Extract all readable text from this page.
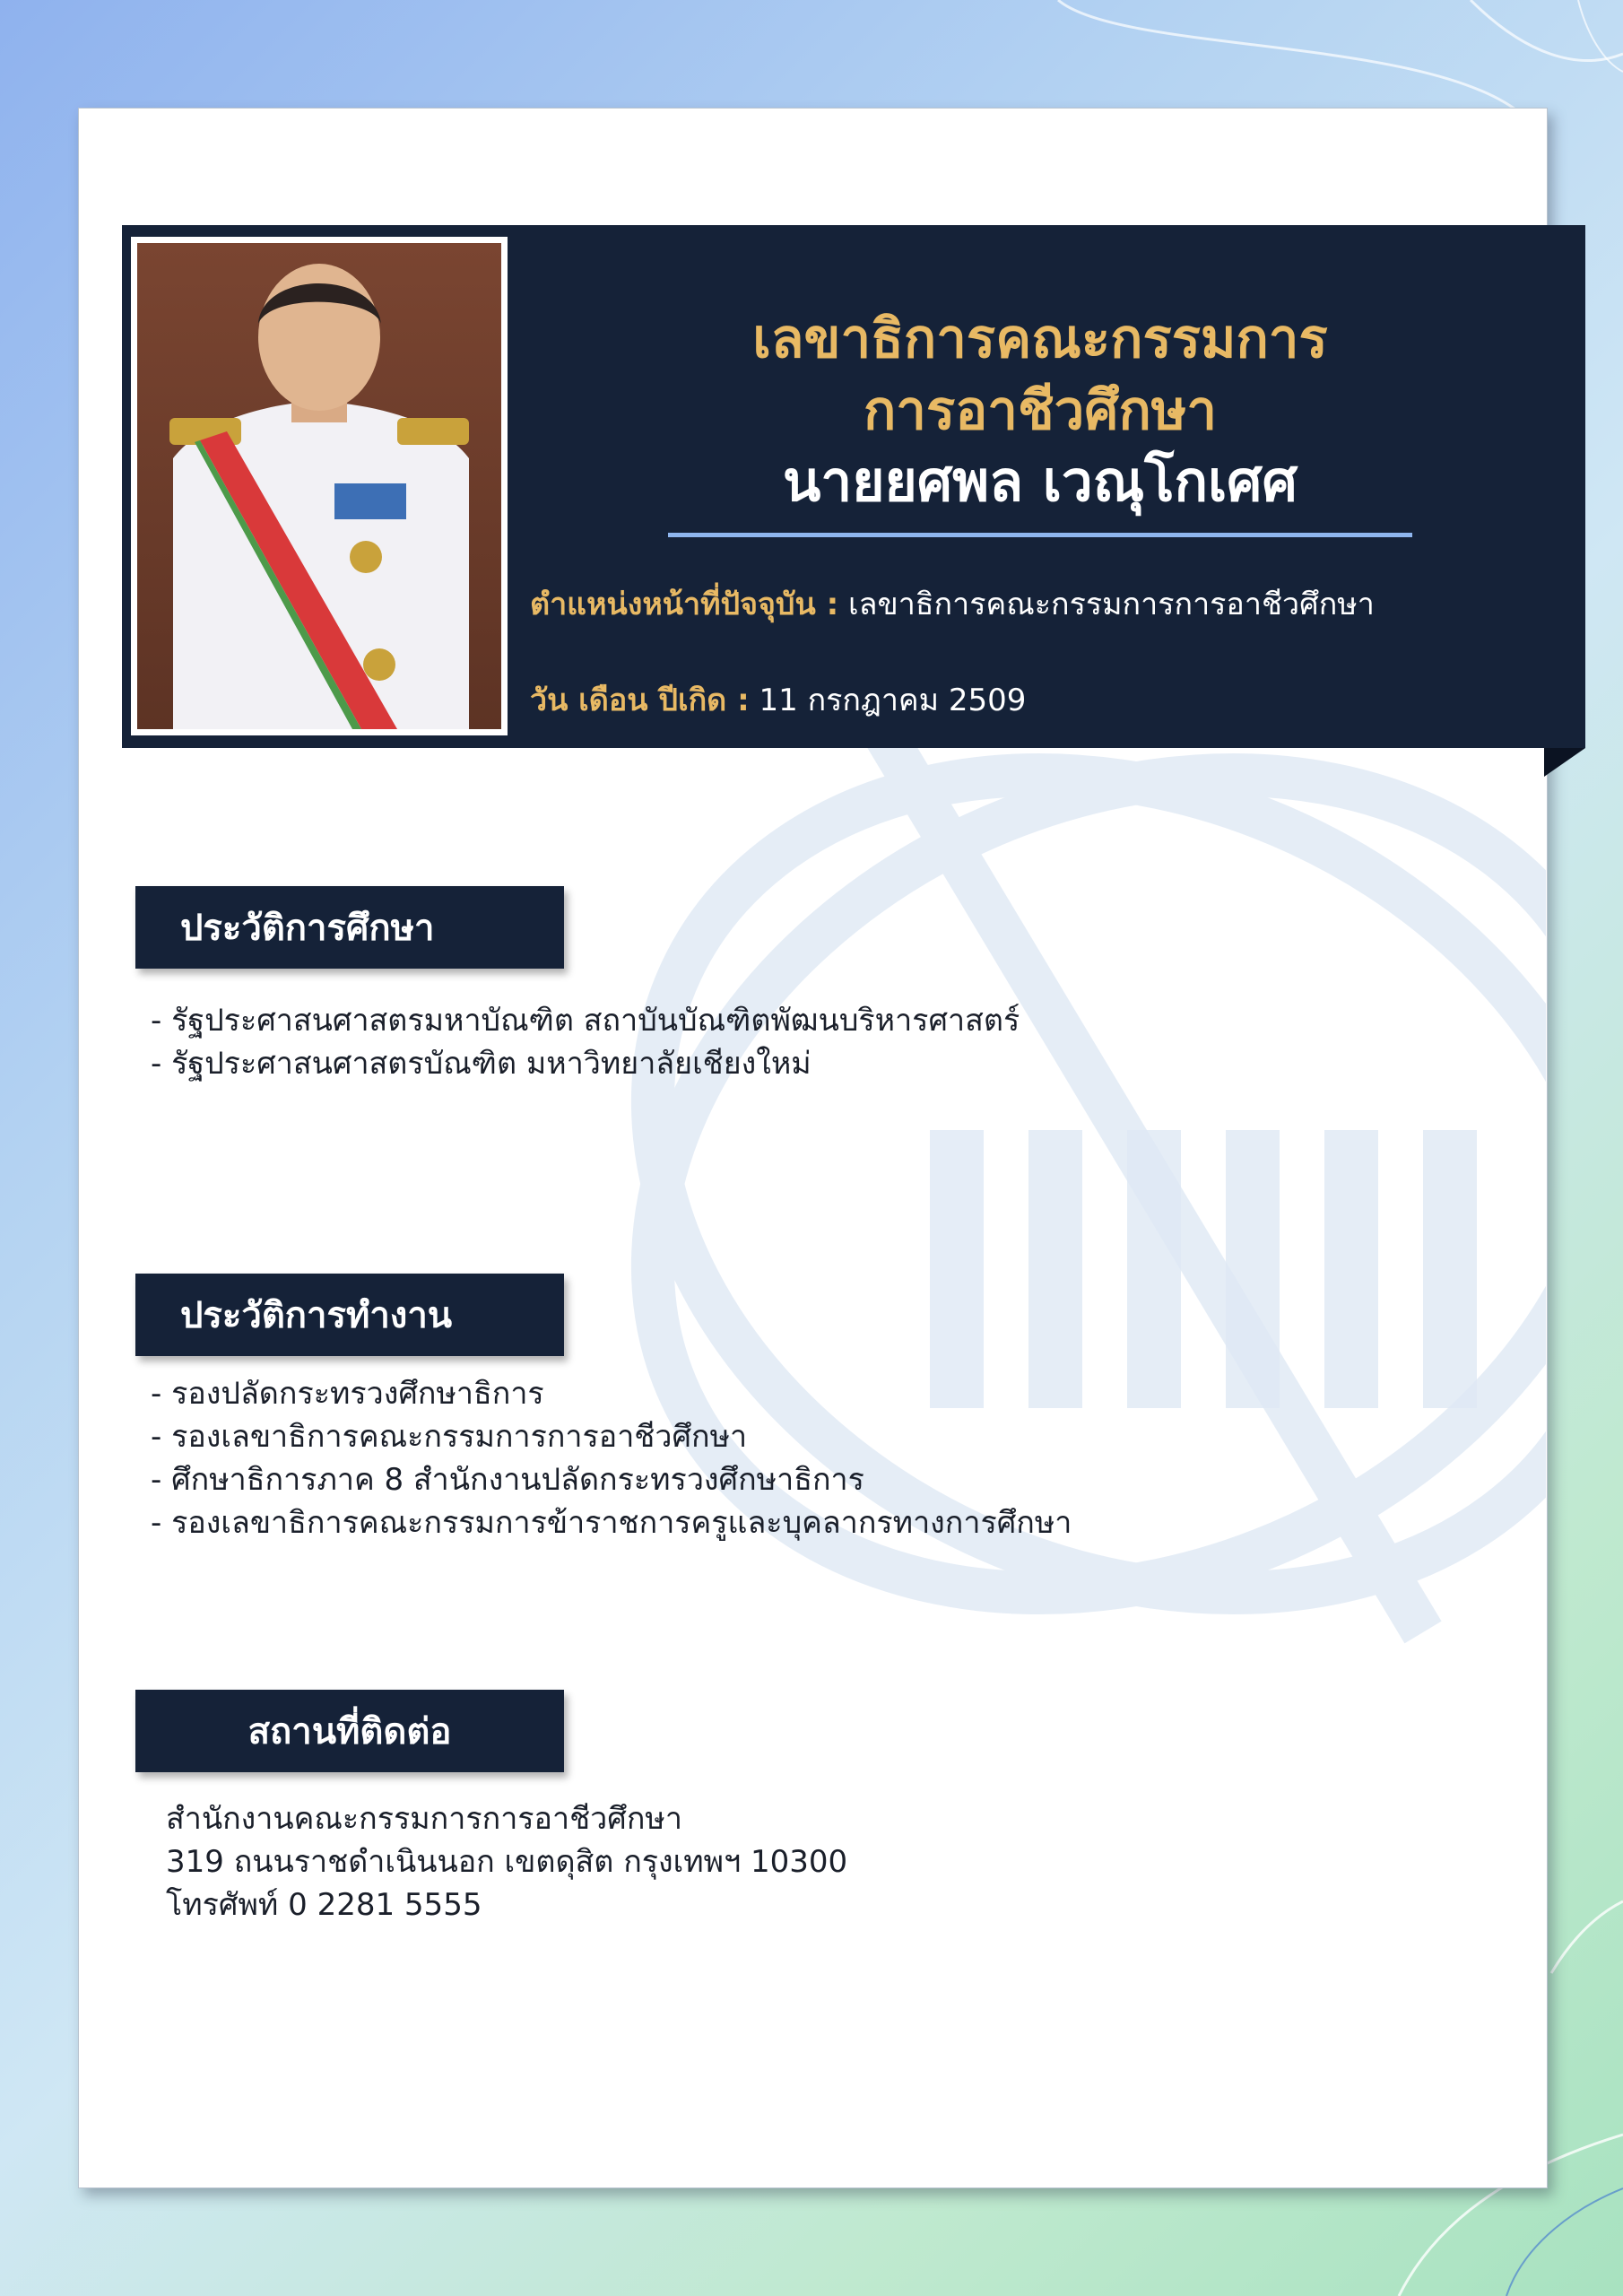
เลขาธิการคณะกรรมการ
การอาชีวศึกษา
นายยศพล เวณุโกเศศ

ตำแหน่งหน้าที่ปัจจุบัน : เลขาธิการคณะกรรมการการอาชีวศึกษา

วัน เดือน ปีเกิด : 11 กรกฎาคม 2509

ประวัติการศึกษา
- รัฐประศาสนศาสตรมหาบัณฑิต สถาบันบัณฑิตพัฒนบริหารศาสตร์
- รัฐประศาสนศาสตรบัณฑิต มหาวิทยาลัยเชียงใหม่
ประวัติการทำงาน
- รองปลัดกระทรวงศึกษาธิการ
- รองเลขาธิการคณะกรรมการการอาชีวศึกษา
- ศึกษาธิการภาค 8 สำนักงานปลัดกระทรวงศึกษาธิการ
- รองเลขาธิการคณะกรรมการข้าราชการครูและบุคลากรทางการศึกษา
สถานที่ติดต่อ
สำนักงานคณะกรรมการการอาชีวศึกษา
319 ถนนราชดำเนินนอก เขตดุสิต กรุงเทพฯ 10300
โทรศัพท์ 0 2281 5555
